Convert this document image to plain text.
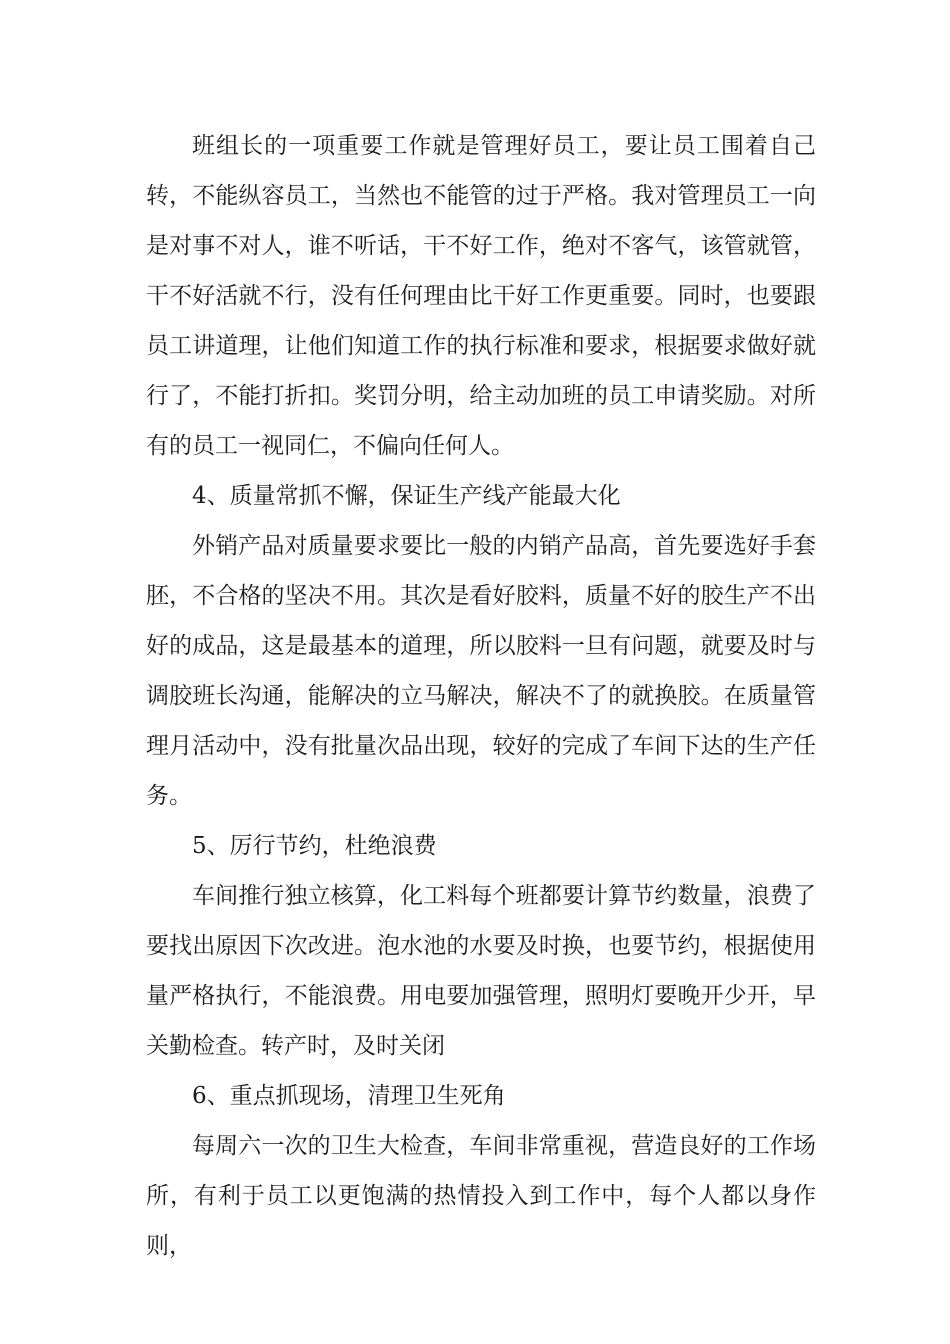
班组长的一项重要工作就是管理好员工，要让员工围着自己转，不能纵容员工，当然也不能管的过于严格。我对管理员工一向是对事不对人，谁不听话，干不好工作，绝对不客气，该管就管，干不好活就不行，没有任何理由比干好工作更重要。同时，也要跟员工讲道理，让他们知道工作的执行标准和要求，根据要求做好就行了，不能打折扣。奖罚分明，给主动加班的员工申请奖励。对所有的员工一视同仁，不偏向任何人。

4、质量常抓不懈，保证生产线产能最大化

外销产品对质量要求要比一般的内销产品高，首先要选好手套胚，不合格的坚决不用。其次是看好胶料，质量不好的胶生产不出好的成品，这是最基本的道理，所以胶料一旦有问题，就要及时与调胶班长沟通，能解决的立马解决，解决不了的就换胶。在质量管理月活动中，没有批量次品出现，较好的完成了车间下达的生产任务。

5、厉行节约，杜绝浪费

车间推行独立核算，化工料每个班都要计算节约数量，浪费了要找出原因下次改进。泡水池的水要及时换，也要节约，根据使用量严格执行，不能浪费。用电要加强管理，照明灯要晚开少开，早关勤检查。转产时，及时关闭

6、重点抓现场，清理卫生死角

每周六一次的卫生大检查，车间非常重视，营造良好的工作场所，有利于员工以更饱满的热情投入到工作中，每个人都以身作则，
